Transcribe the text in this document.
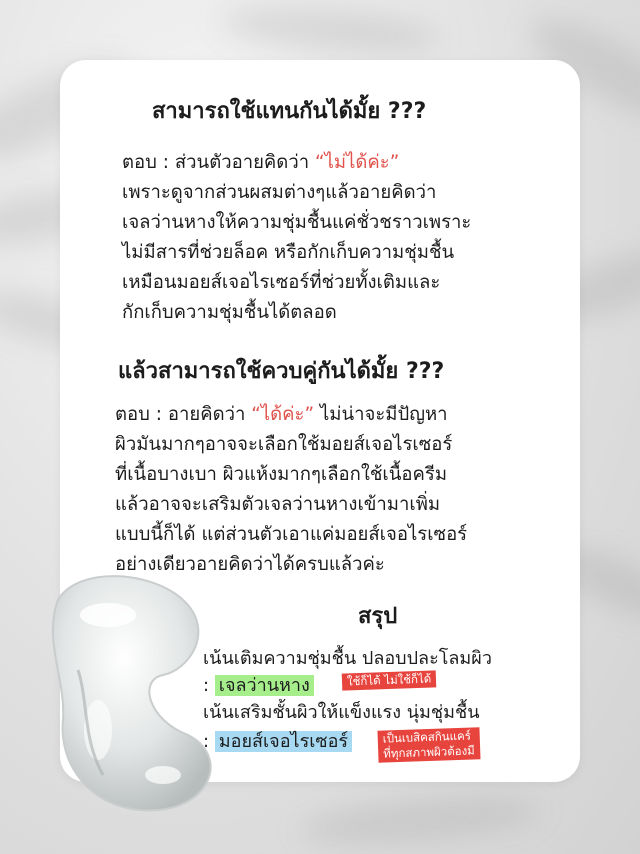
สามารถใช้แทนกันได้มั้ย ???
ตอบ : ส่วนตัวอายคิดว่า “ไม่ได้ค่ะ”
เพราะดูจากส่วนผสมต่างๆแล้วอายคิดว่า
เจลว่านหางให้ความชุ่มชื้นแค่ชั่วชราวเพราะ
ไม่มีสารที่ช่วยล็อค หรือกักเก็บความชุ่มชื้น
เหมือนมอยส์เจอไรเซอร์ที่ช่วยทั้งเติมและ
กักเก็บความชุ่มชื้นได้ตลอด
แล้วสามารถใช้ควบคู่กันได้มั้ย ???
ตอบ : อายคิดว่า “ได้ค่ะ” ไม่น่าจะมีปัญหา
ผิวมันมากๆอาจจะเลือกใช้มอยส์เจอไรเซอร์
ที่เนื้อบางเบา ผิวแห้งมากๆเลือกใช้เนื้อครีม
แล้วอาจจะเสริมตัวเจลว่านหางเข้ามาเพิ่ม
แบบนี้ก็ได้ แต่ส่วนตัวเอาแค่มอยส์เจอไรเซอร์
อย่างเดียวอายคิดว่าได้ครบแล้วค่ะ
สรุป
เน้นเติมความชุ่มชื้น ปลอบปละโลมผิว
: เจลว่านหาง	ใช้ก็ได้ ไม่ใช้ก็ได้
เน้นเสริมชั้นผิวให้แข็งแรง นุ่มชุ่มชื้น
: มอยส์เจอไรเซอร์	เป็นเบสิคสกินแคร์
ที่ทุกสภาพผิวต้องมี
